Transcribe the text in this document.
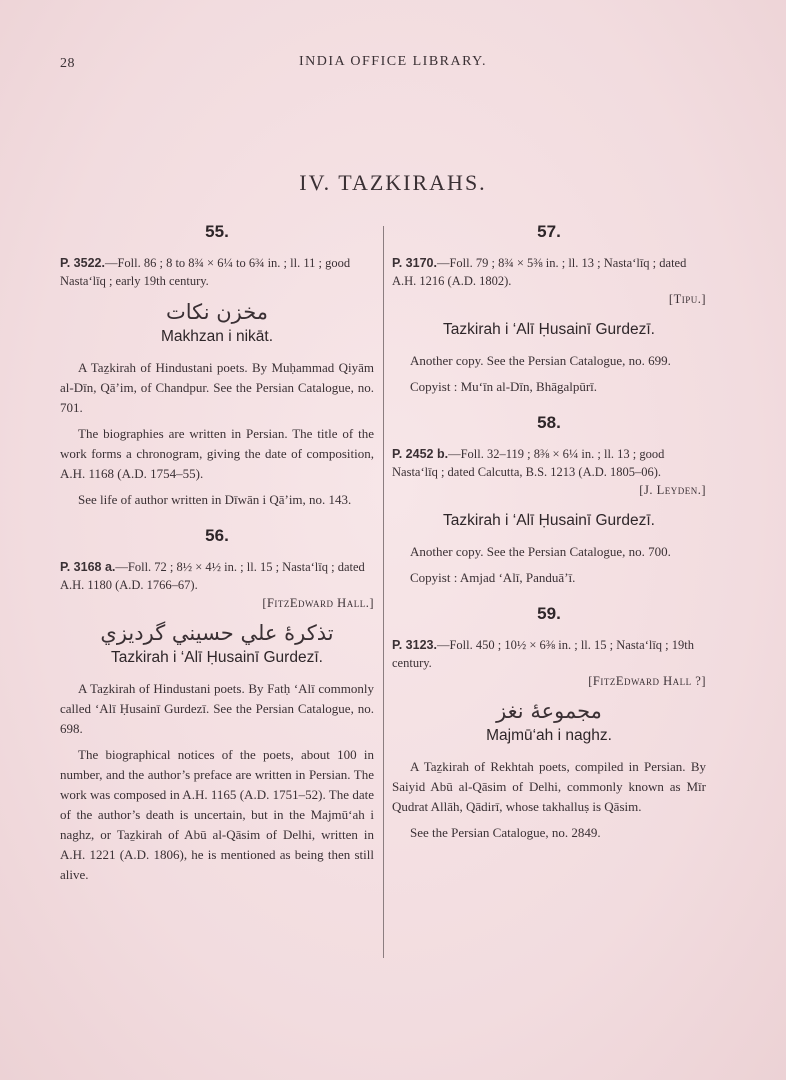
28	INDIA OFFICE LIBRARY.
IV. TAZKIRAHS.
55.

P. 3522.—Foll. 86 ; 8 to 8¾ × 6¼ to 6¾ in. ; ll. 11 ; good Nasta‘līq ; early 19th century.

مخزن نکات
Makhzan i nikāt.

A Taẕkirah of Hindustani poets. By Muḥammad Qiyām al-Dīn, Qā’im, of Chandpur. See the Persian Catalogue, no. 701.

The biographies are written in Persian. The title of the work forms a chronogram, giving the date of composition, A.H. 1168 (A.D. 1754–55).

See life of author written in Dīwān i Qā’im, no. 143.

56.

P. 3168 a.—Foll. 72 ; 8½ × 4½ in. ; ll. 15 ; Nasta‘līq ; dated A.H. 1180 (A.D. 1766–67).

[FitzEdward Hall.]

تذكرۀ علي حسيني گرديزي
Tazkirah i ‘Alī Ḥusainī Gurdezī.

A Taẕkirah of Hindustani poets. By Fatḥ ‘Alī commonly called ‘Alī Ḥusainī Gurdezī. See the Persian Catalogue, no. 698.

The biographical notices of the poets, about 100 in number, and the author’s preface are written in Persian. The work was composed in A.H. 1165 (A.D. 1751–52). The date of the author’s death is uncertain, but in the Majmū‘ah i naghz, or Taẕkirah of Abū al-Qāsim of Delhi, written in A.H. 1221 (A.D. 1806), he is mentioned as being then still alive.

57.

P. 3170.—Foll. 79 ; 8¾ × 5⅜ in. ; ll. 13 ; Nasta‘līq ; dated A.H. 1216 (A.D. 1802).

[Tipu.]

Tazkirah i ‘Alī Ḥusainī Gurdezī.

Another copy. See the Persian Catalogue, no. 699.

Copyist : Mu‘īn al-Dīn, Bhāgalpūrī.

58.

P. 2452 b.—Foll. 32–119 ; 8⅜ × 6¼ in. ; ll. 13 ; good Nasta‘līq ; dated Calcutta, B.S. 1213 (A.D. 1805–06).

[J. Leyden.]

Tazkirah i ‘Alī Ḥusainī Gurdezī.

Another copy. See the Persian Catalogue, no. 700.

Copyist : Amjad ‘Alī, Panduā’ī.

59.

P. 3123.—Foll. 450 ; 10½ × 6⅜ in. ; ll. 15 ; Nasta‘līq ; 19th century.

[FitzEdward Hall ?]

مجموعۀ نغز
Majmū‘ah i naghz.

A Taẕkirah of Rekhtah poets, compiled in Persian. By Saiyid Abū al-Qāsim of Delhi, commonly known as Mīr Qudrat Allāh, Qādirī, whose takhalluṣ is Qāsim.

See the Persian Catalogue, no. 2849.
